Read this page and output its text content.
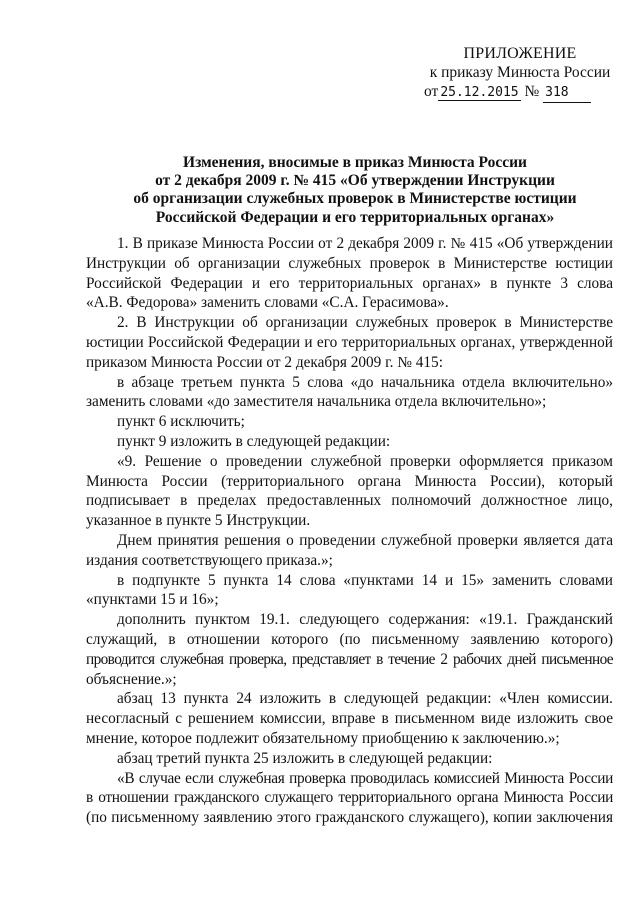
ПРИЛОЖЕНИЕ
к приказу Минюста России
от 25.12.2015 № 318
Изменения, вносимые в приказ Минюста России
от 2 декабря 2009 г. № 415 «Об утверждении Инструкции
об организации служебных проверок в Министерстве юстиции
Российской Федерации и его территориальных органах»
1. В приказе Минюста России от 2 декабря 2009 г. № 415 «Об утверждении
Инструкции об организации служебных проверок в Министерстве юстиции
Российской Федерации и его территориальных органах» в пункте 3 слова
«А.В. Федорова» заменить словами «С.А. Герасимова».
2. В Инструкции об организации служебных проверок в Министерстве
юстиции Российской Федерации и его территориальных органах, утвержденной
приказом Минюста России от 2 декабря 2009 г. № 415:
в абзаце третьем пункта 5 слова «до начальника отдела включительно»
заменить словами «до заместителя начальника отдела включительно»;
пункт 6 исключить;
пункт 9 изложить в следующей редакции:
«9. Решение о проведении служебной проверки оформляется приказом
Минюста России (территориального органа Минюста России), который
подписывает в пределах предоставленных полномочий должностное лицо,
указанное в пункте 5 Инструкции.
Днем принятия решения о проведении служебной проверки является дата
издания соответствующего приказа.»;
в подпункте 5 пункта 14 слова «пунктами 14 и 15» заменить словами
«пунктами 15 и 16»;
дополнить пунктом 19.1. следующего содержания: «19.1. Гражданский
служащий, в отношении которого (по письменному заявлению которого)
проводится служебная проверка, представляет в течение 2 рабочих дней письменное
объяснение.»;
абзац 13 пункта 24 изложить в следующей редакции: «Член комиссии.
несогласный с решением комиссии, вправе в письменном виде изложить свое
мнение, которое подлежит обязательному приобщению к заключению.»;
абзац третий пункта 25 изложить в следующей редакции:
«В случае если служебная проверка проводилась комиссией Минюста России
в отношении гражданского служащего территориального органа Минюста России
(по письменному заявлению этого гражданского служащего), копии заключения
